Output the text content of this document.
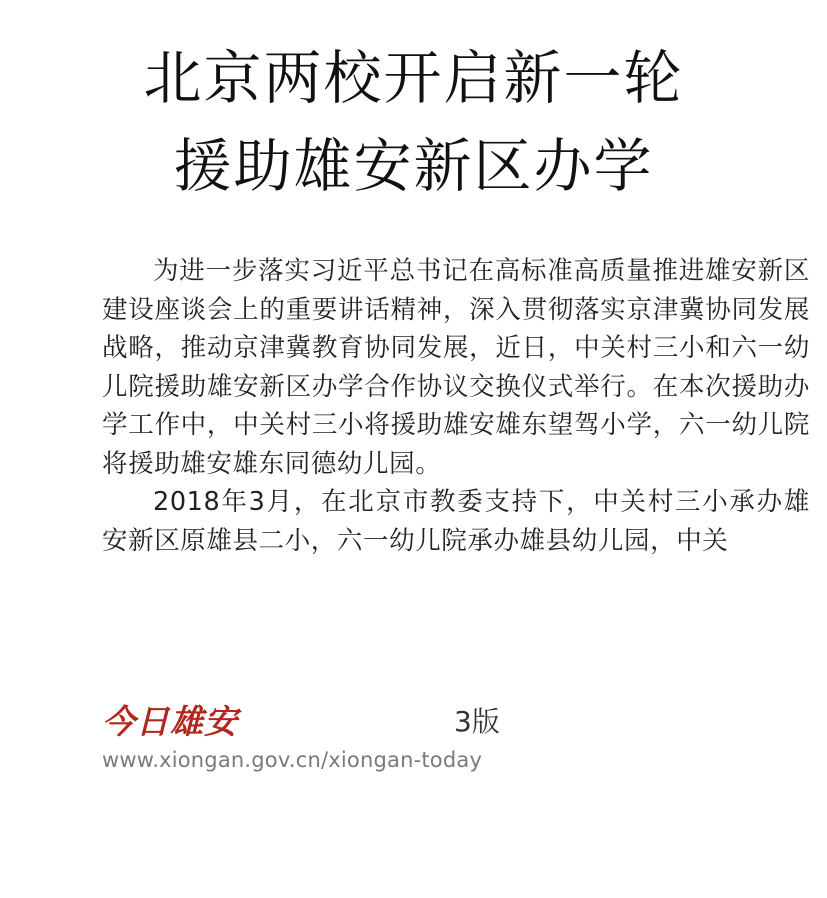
北京两校开启新一轮
援助雄安新区办学

为进一步落实习近平总书记在高标准高质量推进雄安新区建设座谈会上的重要讲话精神，深入贯彻落实京津冀协同发展战略，推动京津冀教育协同发展，近日，中关村三小和六一幼儿院援助雄安新区办学合作协议交换仪式举行。在本次援助办学工作中，中关村三小将援助雄安雄东望驾小学，六一幼儿院将援助雄安雄东同德幼儿园。

2018年3月，在北京市教委支持下，中关村三小承办雄安新区原雄县二小，六一幼儿院承办雄县幼儿园，中关

今日雄安	3版
www.xiongan.gov.cn/xiongan-today
